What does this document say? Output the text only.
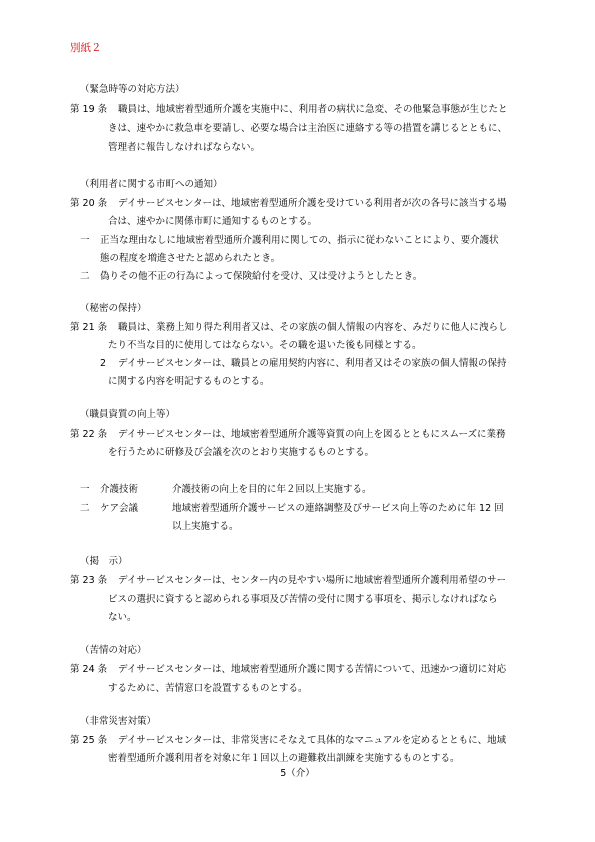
別紙２
（緊急時等の対応方法）
第 19 条 職員は、地域密着型通所介護を実施中に、利用者の病状に急変、その他緊急事態が生じたと
きは、速やかに救急車を要請し、必要な場合は主治医に連絡する等の措置を講じるとともに、
管理者に報告しなければならない。
（利用者に関する市町への通知）
第 20 条 デイサービスセンターは、地域密着型通所介護を受けている利用者が次の各号に該当する場
合は、速やかに関係市町に通知するものとする。
一 正当な理由なしに地域密着型通所介護利用に関しての、指示に従わないことにより、要介護状
態の程度を増進させたと認められたとき。
二 偽りその他不正の行為によって保険給付を受け、又は受けようとしたとき。
（秘密の保持）
第 21 条 職員は、業務上知り得た利用者又は、その家族の個人情報の内容を、みだりに他人に洩らし
たり不当な目的に使用してはならない。その職を退いた後も同様とする。
2 デイサービスセンターは、職員との雇用契約内容に、利用者又はその家族の個人情報の保持
に関する内容を明記するものとする。
（職員資質の向上等）
第 22 条 デイサービスセンターは、地域密着型通所介護等資質の向上を図るとともにスムーズに業務
を行うために研修及び会議を次のとおり実施するものとする。
一 介護技術	介護技術の向上を目的に年２回以上実施する。
二 ケア会議	地域密着型通所介護サービスの連絡調整及びサービス向上等のために年 12 回
以上実施する。
（掲　示）
第 23 条 デイサービスセンターは、センター内の見やすい場所に地域密着型通所介護利用希望のサー
ビスの選択に資すると認められる事項及び苦情の受付に関する事項を、掲示しなければなら
ない。
（苦情の対応）
第 24 条 デイサービスセンターは、地域密着型通所介護に関する苦情について、迅速かつ適切に対応
するために、苦情窓口を設置するものとする。
（非常災害対策）
第 25 条 デイサービスセンターは、非常災害にそなえて具体的なマニュアルを定めるとともに、地域
密着型通所介護利用者を対象に年１回以上の避難救出訓練を実施するものとする。
5（介）
